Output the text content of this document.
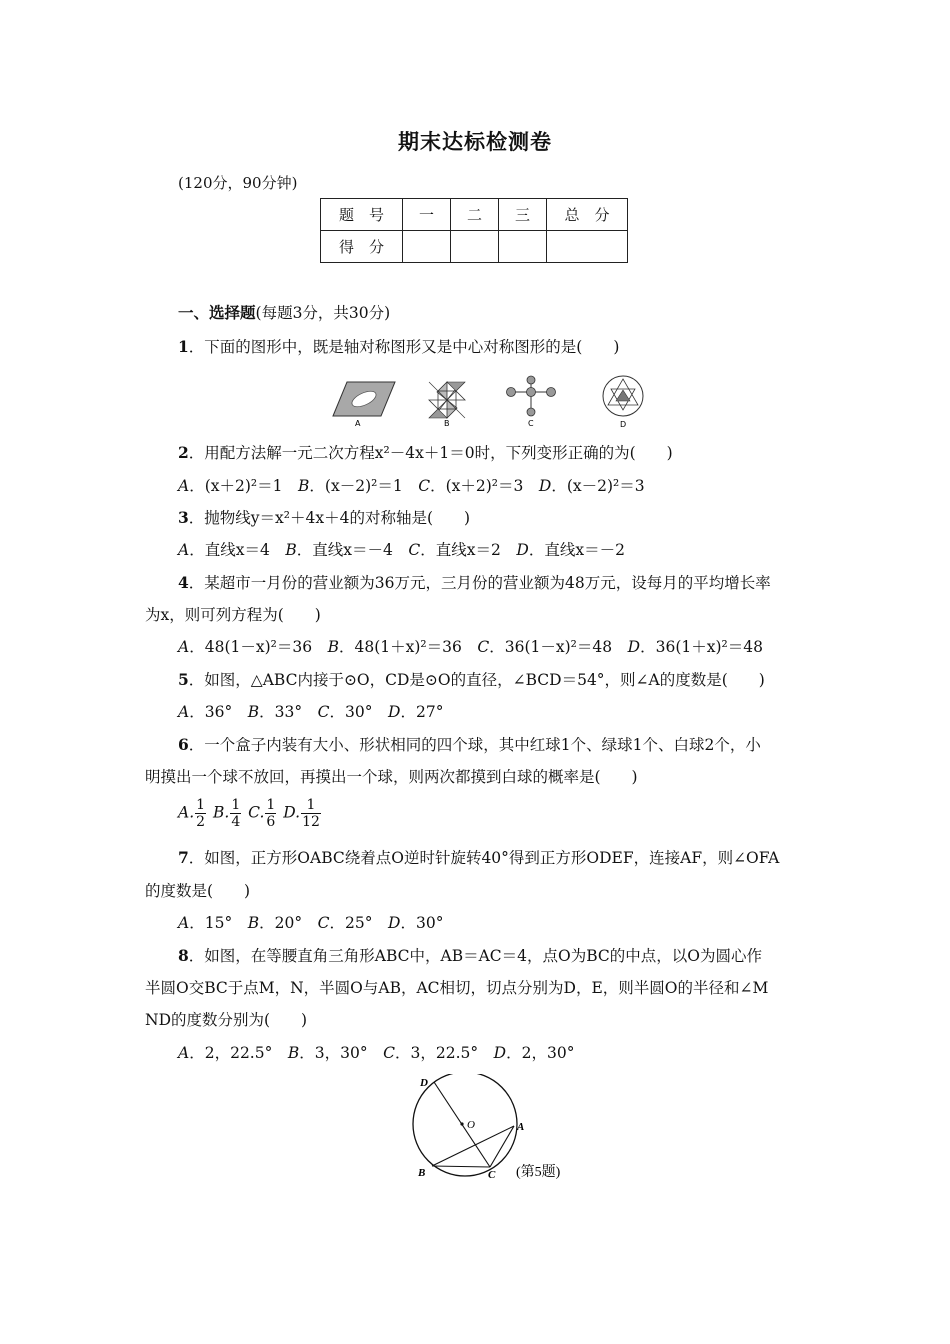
期末达标检测卷
(120分，90分钟)
题　号	一	二	三	总　分
得　分				
一、选择题(每题3分，共30分)
1．下面的图形中，既是轴对称图形又是中心对称图形的是(　　)
A	B	C	D
2．用配方法解一元二次方程x²－4x＋1＝0时，下列变形正确的为(　　)
A．(x＋2)²＝1　 B．(x－2)²＝1　 C．(x＋2)²＝3　 D．(x－2)²＝3
3．抛物线y＝x²＋4x＋4的对称轴是(　　)
A．直线x＝4　 B．直线x＝－4　 C．直线x＝2　 D．直线x＝－2
4．某超市一月份的营业额为36万元，三月份的营业额为48万元，设每月的平均增长率
为x，则可列方程为(　　)
A．48(1－x)²＝36　 B．48(1＋x)²＝36　 C．36(1－x)²＝48　 D．36(1＋x)²＝48
5．如图，△ABC内接于⊙O，CD是⊙O的直径，∠BCD＝54°，则∠A的度数是(　　)
A．36°　 B．33°　 C．30°　 D．27°
6．一个盒子内装有大小、形状相同的四个球，其中红球1个、绿球1个、白球2个，小
明摸出一个球不放回，再摸出一个球，则两次都摸到白球的概率是(　　)
A. $\frac{1}{2} B$. $\frac{1}{4} C$. $\frac{1}{6} D$. $\frac{1}{12}$
7．如图，正方形OABC绕着点O逆时针旋转40°得到正方形ODEF，连接AF，则∠OFA
的度数是(　　)
A．15°　 B．20°　 C．25°　 D．30°
8．如图，在等腰直角三角形ABC中，AB＝AC＝4，点O为BC的中点，以O为圆心作
半圆O交BC于点M，N，半圆O与AB，AC相切，切点分别为D，E，则半圆O的半径和∠M
ND的度数分别为(　　)
A．2，22.5°　 B．3，30°　 C．3，22.5°　 D．2，30°
D
O	A
B	C (第5题)
